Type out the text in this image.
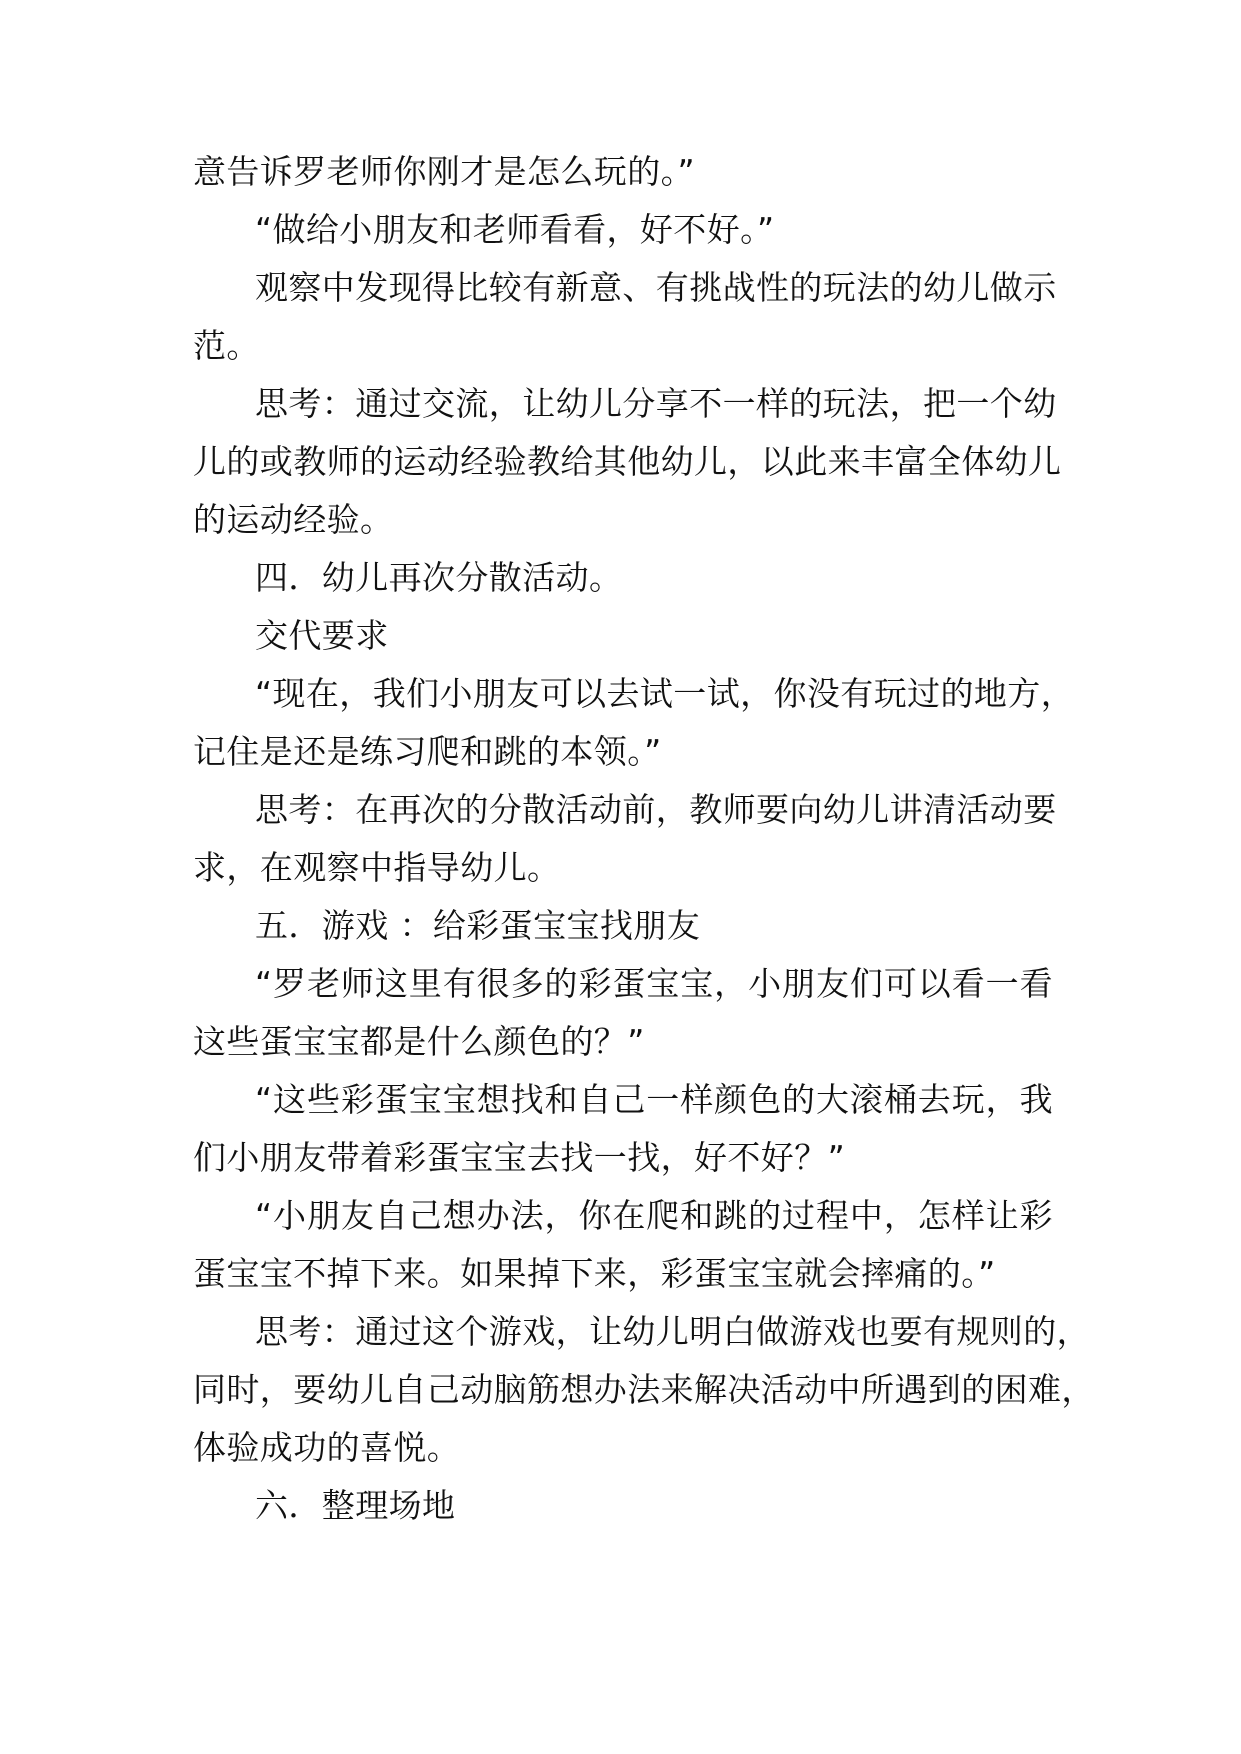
意告诉罗老师你刚才是怎么玩的。”
“做给小朋友和老师看看，好不好。”
观察中发现得比较有新意、有挑战性的玩法的幼儿做示
范。
思考：通过交流，让幼儿分享不一样的玩法，把一个幼
儿的或教师的运动经验教给其他幼儿，以此来丰富全体幼儿
的运动经验。
四．幼儿再次分散活动。
交代要求
“现在，我们小朋友可以去试一试，你没有玩过的地方，
记住是还是练习爬和跳的本领。”
思考：在再次的分散活动前，教师要向幼儿讲清活动要
求，在观察中指导幼儿。
五．游戏 ：给彩蛋宝宝找朋友
“罗老师这里有很多的彩蛋宝宝，小朋友们可以看一看
这些蛋宝宝都是什么颜色的？”
“这些彩蛋宝宝想找和自己一样颜色的大滚桶去玩，我
们小朋友带着彩蛋宝宝去找一找，好不好？”
“小朋友自己想办法，你在爬和跳的过程中，怎样让彩
蛋宝宝不掉下来。如果掉下来，彩蛋宝宝就会摔痛的。”
思考：通过这个游戏，让幼儿明白做游戏也要有规则的，
同时，要幼儿自己动脑筋想办法来解决活动中所遇到的困难，
体验成功的喜悦。
六．整理场地
